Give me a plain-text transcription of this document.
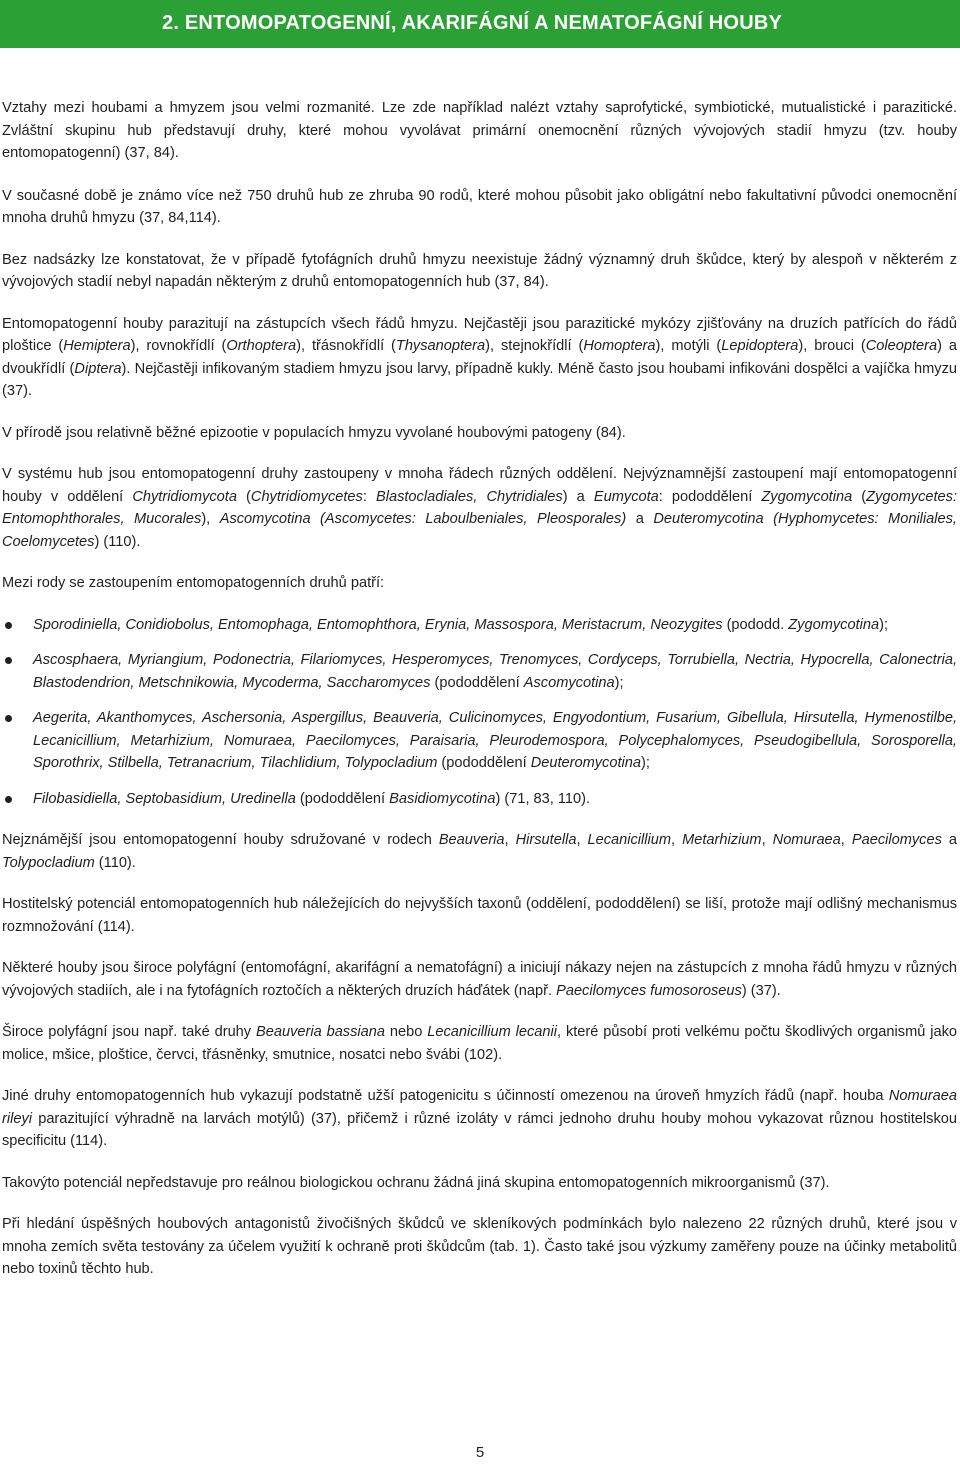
2. ENTOMOPATOGENNÍ, AKARIFÁGNÍ A NEMATOFÁGNÍ HOUBY

Vztahy mezi houbami a hmyzem jsou velmi rozmanité. Lze zde například nalézt vztahy saprofytické, symbiotické, mutualistické i parazitické. Zvláštní skupinu hub představují druhy, které mohou vyvolávat primární onemocnění různých vývojových stadií hmyzu (tzv. houby entomopatogenní) (37, 84).

V současné době je známo více než 750 druhů hub ze zhruba 90 rodů, které mohou působit jako obligátní nebo fakultativní původci onemocnění mnoha druhů hmyzu (37, 84,114).

Bez nadsázky lze konstatovat, že v případě fytofágních druhů hmyzu neexistuje žádný významný druh škůdce, který by alespoň v některém z vývojových stadií nebyl napadán některým z druhů entomopatogenních hub (37, 84).

Entomopatogenní houby parazitují na zástupcích všech řádů hmyzu. Nejčastěji jsou parazitické mykózy zjišťovány na druzích patřících do řádů ploštice (Hemiptera), rovnokřídlí (Orthoptera), třásnokřídlí (Thysanoptera), stejnokřídlí (Homoptera), motýli (Lepidoptera), brouci (Coleoptera) a dvoukřídlí (Diptera). Nejčastěji infikovaným stadiem hmyzu jsou larvy, případně kukly. Méně často jsou houbami infikováni dospělci a vajíčka hmyzu (37).

V přírodě jsou relativně běžné epizootie v populacích hmyzu vyvolané houbovými patogeny (84).

V systému hub jsou entomopatogenní druhy zastoupeny v mnoha řádech různých oddělení. Nejvýznamnější zastoupení mají entomopatogenní houby v oddělení Chytridiomycota (Chytridiomycetes: Blastocladiales, Chytridiales) a Eumycota: pododdělení Zygomycotina (Zygomycetes: Entomophthorales, Mucorales), Ascomycotina (Ascomycetes: Laboulbeniales, Pleosporales) a Deuteromycotina (Hyphomycetes: Moniliales, Coelomycetes) (110).

Mezi rody se zastoupením entomopatogenních druhů patří:

Sporodiniella, Conidiobolus, Entomophaga, Entomophthora, Erynia, Massospora, Meristacrum, Neozygites (pododd. Zygomycotina);
Ascosphaera, Myriangium, Podonectria, Filariomyces, Hesperomyces, Trenomyces, Cordyceps, Torrubiella, Nectria, Hypocrella, Calonectria, Blastodendrion, Metschnikowia, Mycoderma, Saccharomyces (pododdělení Ascomycotina);
Aegerita, Akanthomyces, Aschersonia, Aspergillus, Beauveria, Culicinomyces, Engyodontium, Fusarium, Gibellula, Hirsutella, Hymenostilbe, Lecanicillium, Metarhizium, Nomuraea, Paecilomyces, Paraisaria, Pleurodemospora, Polycephalomyces, Pseudogibellula, Sorosporella, Sporothrix, Stilbella, Tetranacrium, Tilachlidium, Tolypocladium (pododdělení Deuteromycotina);
Filobasidiella, Septobasidium, Uredinella (pododdělení Basidiomycotina) (71, 83, 110).

Nejznámější jsou entomopatogenní houby sdružované v rodech Beauveria, Hirsutella, Lecanicillium, Metarhizium, Nomuraea, Paecilomyces a Tolypocladium (110).

Hostitelský potenciál entomopatogenních hub náležejících do nejvyšších taxonů (oddělení, pododdělení) se liší, protože mají odlišný mechanismus rozmnožování (114).

Některé houby jsou široce polyfágní (entomofágní, akarifágní a nematofágní) a iniciují nákazy nejen na zástupcích z mnoha řádů hmyzu v různých vývojových stadiích, ale i na fytofágních roztočích a některých druzích háďátek (např. Paecilomyces fumosoroseus) (37).

Široce polyfágní jsou např. také druhy Beauveria bassiana nebo Lecanicillium lecanii, které působí proti velkému počtu škodlivých organismů jako molice, mšice, ploštice, červci, třásněnky, smutnice, nosatci nebo švábi (102).

Jiné druhy entomopatogenních hub vykazují podstatně užší patogenicitu s účinností omezenou na úroveň hmyzích řádů (např. houba Nomuraea rileyi parazitující výhradně na larvách motýlů) (37), přičemž i různé izoláty v rámci jednoho druhu houby mohou vykazovat různou hostitelskou specificitu (114).

Takovýto potenciál nepředstavuje pro reálnou biologickou ochranu žádná jiná skupina entomopatogenních mikroorganismů (37).

Při hledání úspěšných houbových antagonistů živočišných škůdců ve skleníkových podmínkách bylo nalezeno 22 různých druhů, které jsou v mnoha zemích světa testovány za účelem využití k ochraně proti škůdcům (tab. 1). Často také jsou výzkumy zaměřeny pouze na účinky metabolitů nebo toxinů těchto hub.

5
